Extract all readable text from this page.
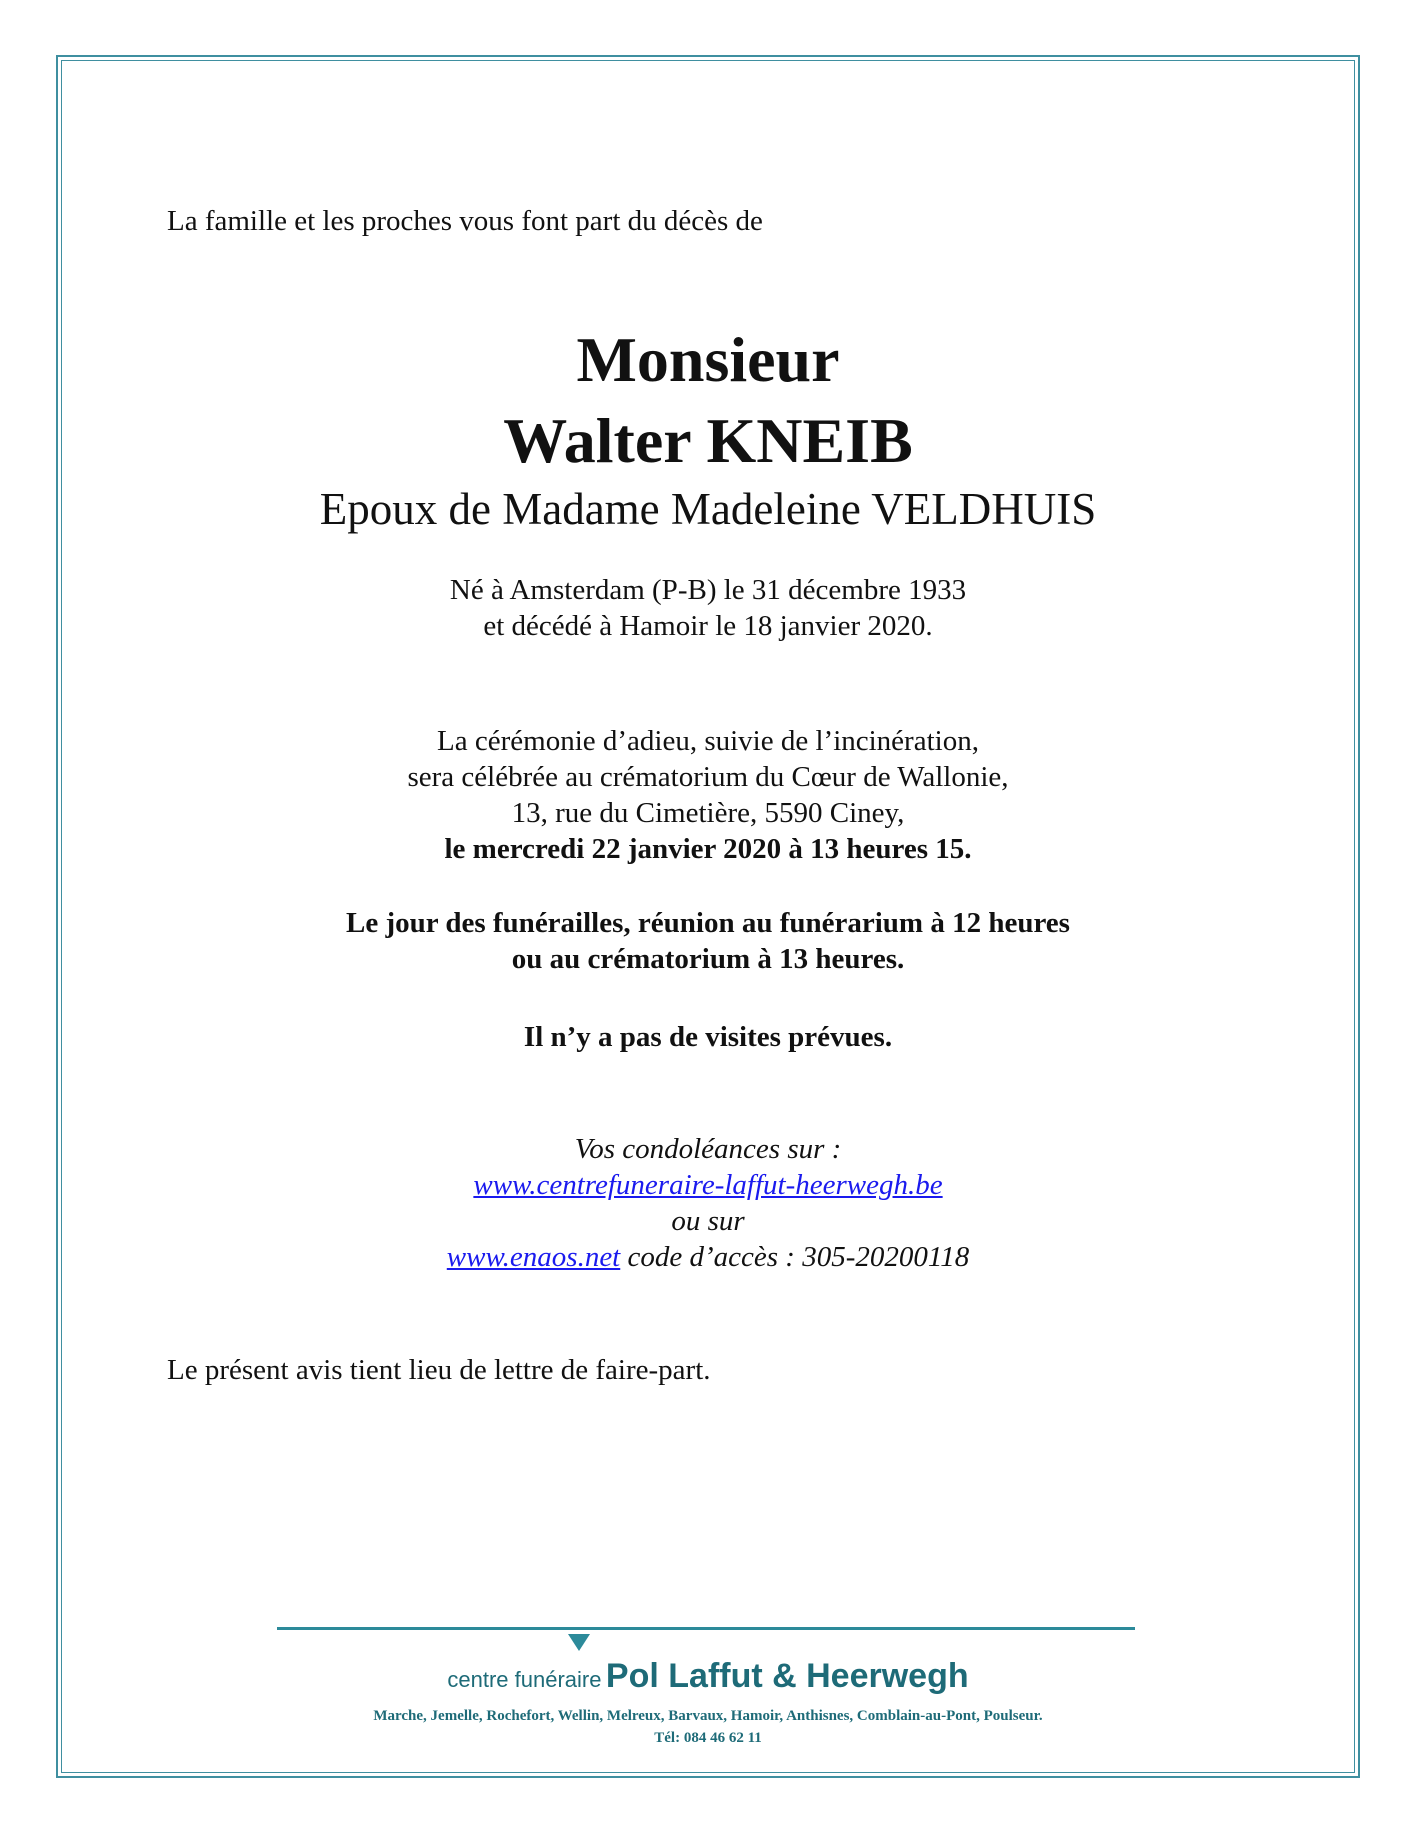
La famille et les proches vous font part du décès de
Monsieur
Walter KNEIB
Epoux de Madame Madeleine VELDHUIS
Né à Amsterdam (P-B) le 31 décembre 1933
et décédé à Hamoir le 18 janvier 2020.
La cérémonie d’adieu, suivie de l’incinération,
sera célébrée au crématorium du Cœur de Wallonie,
13, rue du Cimetière, 5590 Ciney,
le mercredi 22 janvier 2020 à 13 heures 15.
Le jour des funérailles, réunion au funérarium à 12 heures
ou au crématorium à 13 heures.
Il n’y a pas de visites prévues.
Vos condoléances sur :
www.centrefuneraire-laffut-heerwegh.be
ou sur
www.enaos.net code d’accès : 305-20200118
Le présent avis tient lieu de lettre de faire-part.
centre funéraire Pol Laffut & Heerwegh
Marche, Jemelle, Rochefort, Wellin, Melreux, Barvaux, Hamoir, Anthisnes, Comblain-au-Pont, Poulseur.
Tél: 084 46 62 11
